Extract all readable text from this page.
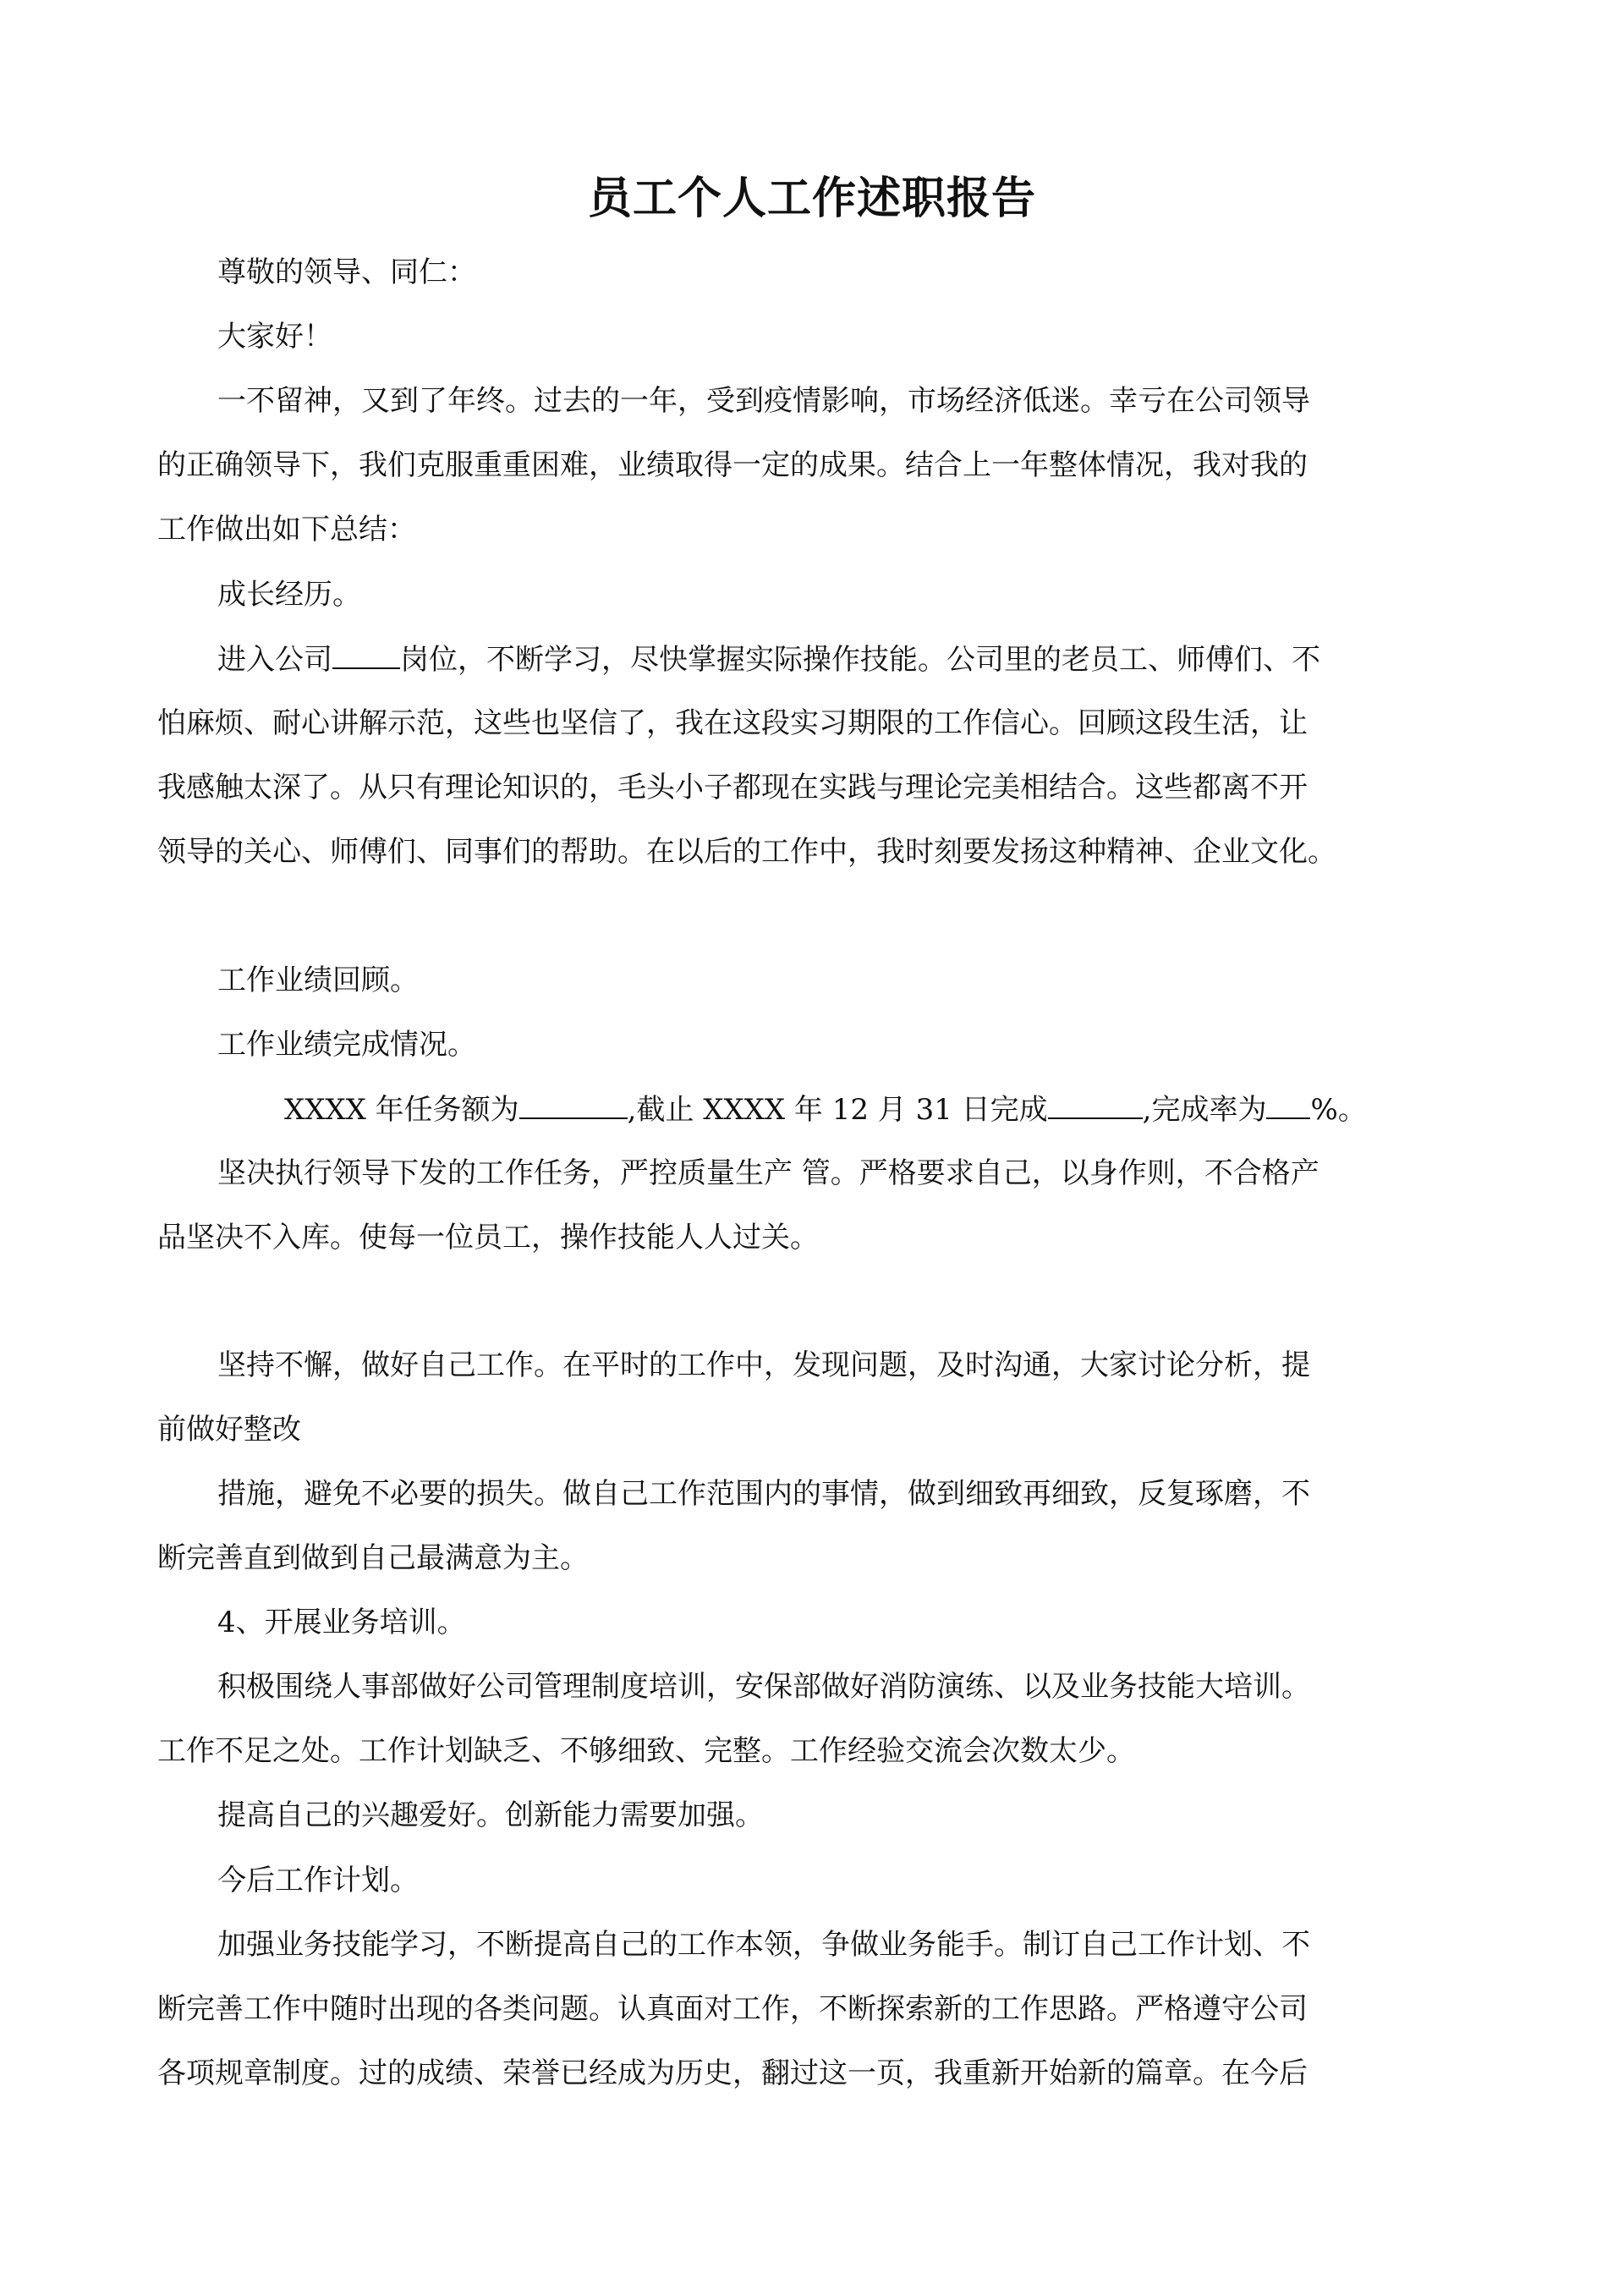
员工个人工作述职报告
尊敬的领导、同仁：
大家好！
一不留神，又到了年终。过去的一年，受到疫情影响，市场经济低迷。幸亏在公司领导
的正确领导下，我们克服重重困难，业绩取得一定的成果。结合上一年整体情况，我对我的
工作做出如下总结：
成长经历。
进入公司 岗位，不断学习，尽快掌握实际操作技能。公司里的老员工、师傅们、不
怕麻烦、耐心讲解示范，这些也坚信了，我在这段实习期限的工作信心。回顾这段生活，让
我感触太深了。从只有理论知识的，毛头小子都现在实践与理论完美相结合。这些都离不开
领导的关心、师傅们、同事们的帮助。在以后的工作中，我时刻要发扬这种精神、企业文化。
工作业绩回顾。
工作业绩完成情况。
XXXX 年任务额为	,截止 XXXX 年 12 月 31 日完成	,完成率为 %。
坚决执行领导下发的工作任务，严控质量生产 管。严格要求自己，以身作则，不合格产
品坚决不入库。使每一位员工，操作技能人人过关。
坚持不懈，做好自己工作。在平时的工作中，发现问题，及时沟通，大家讨论分析，提
前做好整改
措施，避免不必要的损失。做自己工作范围内的事情，做到细致再细致，反复琢磨，不
断完善直到做到自己最满意为主。
4、开展业务培训。
积极围绕人事部做好公司管理制度培训，安保部做好消防演练、以及业务技能大培训。
工作不足之处。工作计划缺乏、不够细致、完整。工作经验交流会次数太少。
提高自己的兴趣爱好。创新能力需要加强。
今后工作计划。
加强业务技能学习，不断提高自己的工作本领，争做业务能手。制订自己工作计划、不
断完善工作中随时出现的各类问题。认真面对工作，不断探索新的工作思路。严格遵守公司
各项规章制度。过的成绩、荣誉已经成为历史，翻过这一页，我重新开始新的篇章。在今后
